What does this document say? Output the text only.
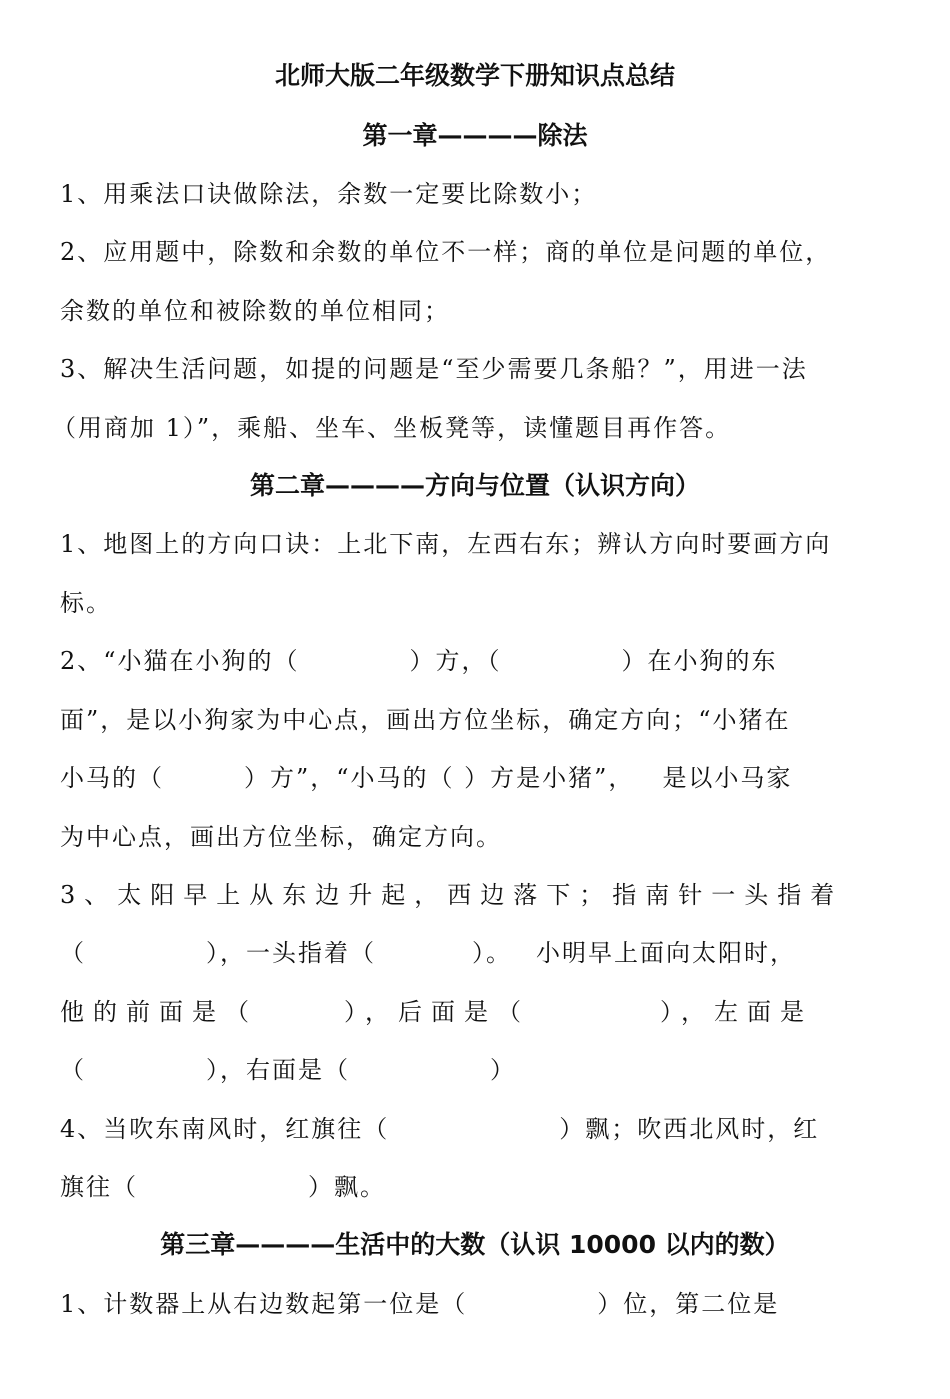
北师大版二年级数学下册知识点总结
第一章————除法

1、用乘法口诀做除法，余数一定要比除数小；

2、应用题中，除数和余数的单位不一样；商的单位是问题的单位，

余数的单位和被除数的单位相同；

3、解决生活问题，如提的问题是“至少需要几条船？”，用进一法

（用商加 1）”，乘船、坐车、坐板凳等，读懂题目再作答。

第二章————方向与位置（认识方向）

1、地图上的方向口诀：上北下南，左西右东；辨认方向时要画方向

标。

2、“小猫在小狗的（	）方，（	）在小狗的东

面”，是以小狗家为中心点，画出方位坐标，确定方向；“小猪在

小马的（	）方”，“小马的（ ）方是小猪”， 是以小马家

为中心点，画出方位坐标，确定方向。

3、太阳早上从东边升起，西边落下；指南针一头指着

（	），一头指着（	）。 小明早上面向太阳时，

他的前面是（	），后面是（	），左面是

（	），右面是（	）

4、当吹东南风时，红旗往（	）飘；吹西北风时，红

旗往（	）飘。

第三章————生活中的大数（认识 10000 以内的数）

1、计数器上从右边数起第一位是（	）位，第二位是
